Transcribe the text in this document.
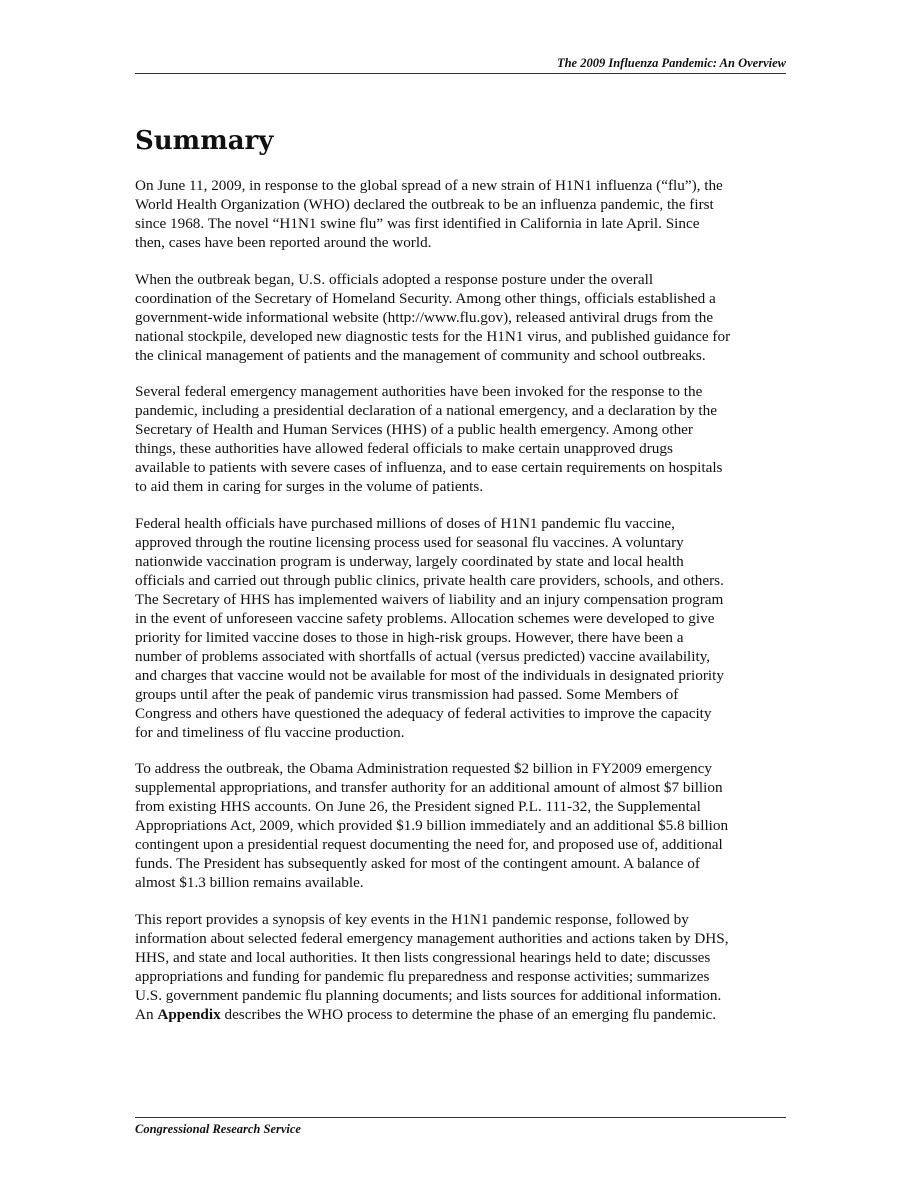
The 2009 Influenza Pandemic: An Overview
Summary

On June 11, 2009, in response to the global spread of a new strain of H1N1 influenza (“flu”), the
World Health Organization (WHO) declared the outbreak to be an influenza pandemic, the first
since 1968. The novel “H1N1 swine flu” was first identified in California in late April. Since
then, cases have been reported around the world.

When the outbreak began, U.S. officials adopted a response posture under the overall
coordination of the Secretary of Homeland Security. Among other things, officials established a
government-wide informational website (http://www.flu.gov), released antiviral drugs from the
national stockpile, developed new diagnostic tests for the H1N1 virus, and published guidance for
the clinical management of patients and the management of community and school outbreaks.

Several federal emergency management authorities have been invoked for the response to the
pandemic, including a presidential declaration of a national emergency, and a declaration by the
Secretary of Health and Human Services (HHS) of a public health emergency. Among other
things, these authorities have allowed federal officials to make certain unapproved drugs
available to patients with severe cases of influenza, and to ease certain requirements on hospitals
to aid them in caring for surges in the volume of patients.

Federal health officials have purchased millions of doses of H1N1 pandemic flu vaccine,
approved through the routine licensing process used for seasonal flu vaccines. A voluntary
nationwide vaccination program is underway, largely coordinated by state and local health
officials and carried out through public clinics, private health care providers, schools, and others.
The Secretary of HHS has implemented waivers of liability and an injury compensation program
in the event of unforeseen vaccine safety problems. Allocation schemes were developed to give
priority for limited vaccine doses to those in high-risk groups. However, there have been a
number of problems associated with shortfalls of actual (versus predicted) vaccine availability,
and charges that vaccine would not be available for most of the individuals in designated priority
groups until after the peak of pandemic virus transmission had passed. Some Members of
Congress and others have questioned the adequacy of federal activities to improve the capacity
for and timeliness of flu vaccine production.

To address the outbreak, the Obama Administration requested $2 billion in FY2009 emergency
supplemental appropriations, and transfer authority for an additional amount of almost $7 billion
from existing HHS accounts. On June 26, the President signed P.L. 111-32, the Supplemental
Appropriations Act, 2009, which provided $1.9 billion immediately and an additional $5.8 billion
contingent upon a presidential request documenting the need for, and proposed use of, additional
funds. The President has subsequently asked for most of the contingent amount. A balance of
almost $1.3 billion remains available.

This report provides a synopsis of key events in the H1N1 pandemic response, followed by
information about selected federal emergency management authorities and actions taken by DHS,
HHS, and state and local authorities. It then lists congressional hearings held to date; discusses
appropriations and funding for pandemic flu preparedness and response activities; summarizes
U.S. government pandemic flu planning documents; and lists sources for additional information.
An Appendix describes the WHO process to determine the phase of an emerging flu pandemic.

Congressional Research Service
